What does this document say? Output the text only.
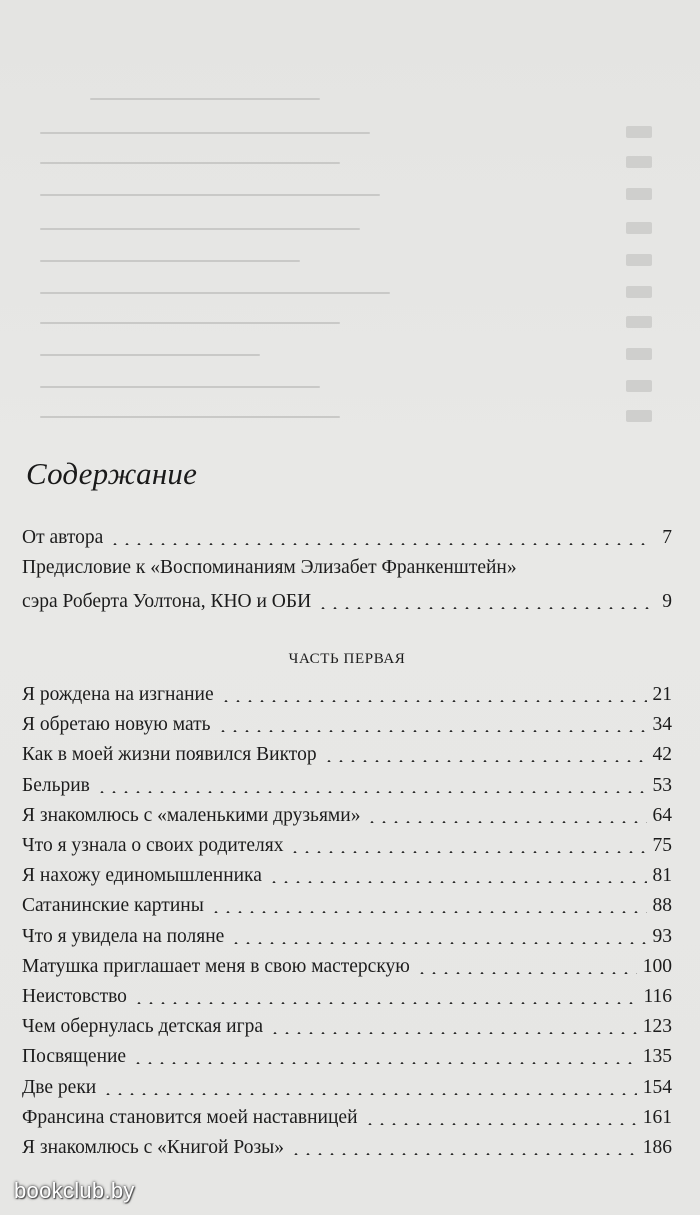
Содержание
От автора	7
Предисловие к «Воспоминаниям Элизабет Франкенштейн»
сэра Роберта Уолтона, КНО и ОБИ	9
ЧАСТЬ ПЕРВАЯ
Я рождена на изгнание	21
Я обретаю новую мать	34
Как в моей жизни появился Виктор	42
Бельрив	53
Я знакомлюсь с «маленькими друзьями»	64
Что я узнала о своих родителях	75
Я нахожу единомышленника	81
Сатанинские картины	88
Что я увидела на поляне	93
Матушка приглашает меня в свою мастерскую	100
Неистовство	116
Чем обернулась детская игра	123
Посвящение	135
Две реки	154
Франсина становится моей наставницей	161
Я знакомлюсь с «Книгой Розы»	186
bookclub.by
